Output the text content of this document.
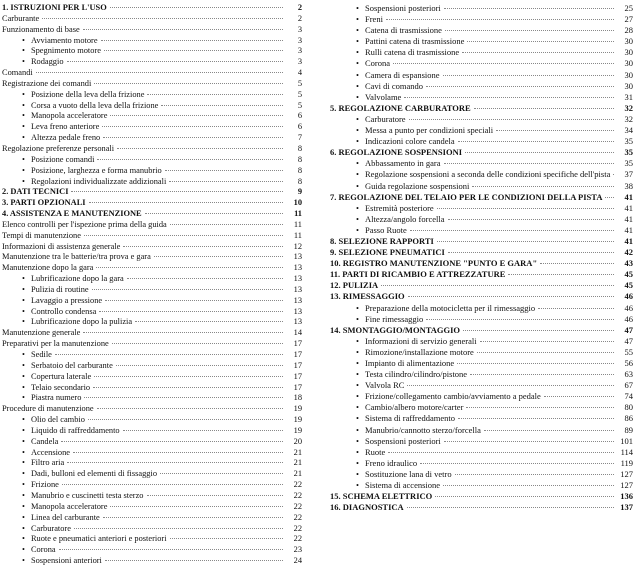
1. ISTRUZIONI PER L'USO	2
Carburante	2
Funzionamento di base	3
• Avviamento motore	3
• Spegnimento motore	3
• Rodaggio	3
Comandi	4
Registrazione dei comandi	5
• Posizione della leva della frizione	5
• Corsa a vuoto della leva della frizione	5
• Manopola acceleratore	6
• Leva freno anteriore	6
• Altezza pedale freno	7
Regolazione preferenze personali	8
• Posizione comandi	8
• Posizione, larghezza e forma manubrio	8
• Regolazioni individualizzate addizionali	8
2. DATI TECNICI	9
3. PARTI OPZIONALI	10
4. ASSISTENZA E MANUTENZIONE	11
Elenco controlli per l'ispezione prima della guida	11
Tempi di manutenzione	11
Informazioni di assistenza generale	12
Manutenzione tra le batterie/tra prova e gara	13
Manutenzione dopo la gara	13
• Lubrificazione dopo la gara	13
• Pulizia di routine	13
• Lavaggio a pressione	13
• Controllo condensa	13
• Lubrificazione dopo la pulizia	13
Manutenzione generale	14
Preparativi per la manutenzione	17
• Sedile	17
• Serbatoio del carburante	17
• Copertura laterale	17
• Telaio secondario	17
• Piastra numero	18
Procedure di manutenzione	19
• Olio del cambio	19
• Liquido di raffreddamento	19
• Candela	20
• Accensione	21
• Filtro aria	21
• Dadi, bulloni ed elementi di fissaggio	21
• Frizione	22
• Manubrio e cuscinetti testa sterzo	22
• Manopola acceleratore	22
• Linea del carburante	22
• Carburatore	22
• Ruote e pneumatici anteriori e posteriori	22
• Corona	23
• Sospensioni anteriori	24
• Sospensioni posteriori	25
• Freni	27
• Catena di trasmissione	28
• Pattini catena di trasmissione	30
• Rulli catena di trasmissione	30
• Corona	30
• Camera di espansione	30
• Cavi di comando	30
• Valvolame	31
5. REGOLAZIONE CARBURATORE	32
• Carburatore	32
• Messa a punto per condizioni speciali	34
• Indicazioni colore candela	35
6. REGOLAZIONE SOSPENSIONI	35
• Abbassamento in gara	35
• Regolazione sospensioni a seconda delle condizioni specifiche dell'pista	37
• Guida regolazione sospensioni	38
7. REGOLAZIONE DEL TELAIO PER LE CONDIZIONI DELLA PISTA	41
• Estremità posteriore	41
• Altezza/angolo forcella	41
• Passo Ruote	41
8. SELEZIONE RAPPORTI	41
9. SELEZIONE PNEUMATICI	42
10. REGISTRO MANUTENZIONE "PUNTO E GARA"	43
11. PARTI DI RICAMBIO E ATTREZZATURE	45
12. PULIZIA	45
13. RIMESSAGGIO	46
• Preparazione della motocicletta per il rimessaggio	46
• Fine rimessaggio	46
14. SMONTAGGIO/MONTAGGIO	47
• Informazioni di servizio generali	47
• Rimozione/installazione motore	55
• Impianto di alimentazione	56
• Testa cilindro/cilindro/pistone	63
• Valvola RC	67
• Frizione/collegamento cambio/avviamento a pedale	74
• Cambio/albero motore/carter	80
• Sistema di raffreddamento	86
• Manubrio/cannotto sterzo/forcella	89
• Sospensioni posteriori	101
• Ruote	114
• Freno idraulico	119
• Sostituzione lana di vetro	127
• Sistema di accensione	127
15. SCHEMA ELETTRICO	136
16. DIAGNOSTICA	137
